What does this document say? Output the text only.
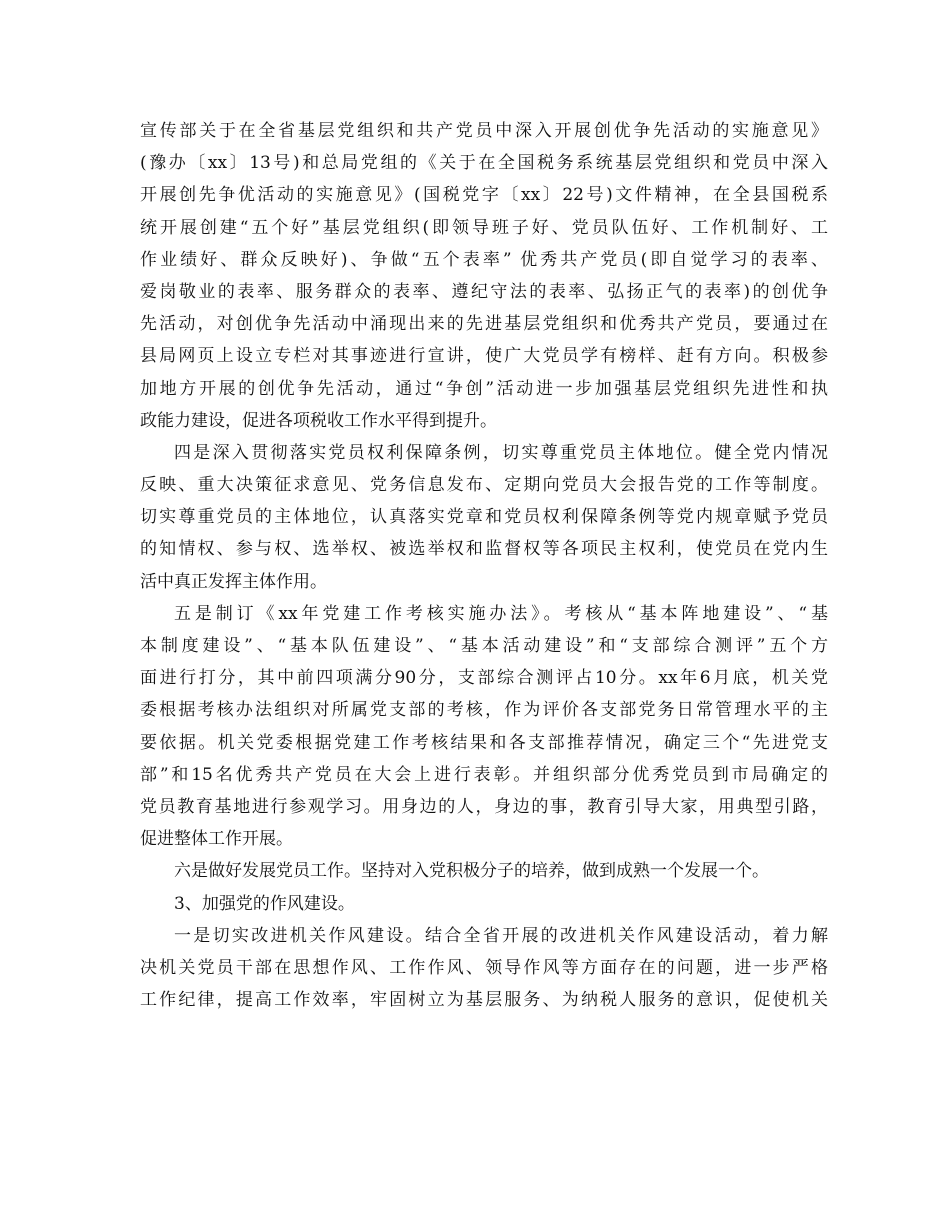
宣传部关于在全省基层党组织和共产党员中深入开展创优争先活动的实施意见》
(豫办〔xx〕13号)和总局党组的《关于在全国税务系统基层党组织和党员中深入
开展创先争优活动的实施意见》(国税党字〔xx〕22号)文件精神，在全县国税系
统开展创建“五个好”基层党组织(即领导班子好、党员队伍好、工作机制好、工
作业绩好、群众反映好)、争做“五个表率” 优秀共产党员(即自觉学习的表率、
爱岗敬业的表率、服务群众的表率、遵纪守法的表率、弘扬正气的表率)的创优争
先活动，对创优争先活动中涌现出来的先进基层党组织和优秀共产党员，要通过在
县局网页上设立专栏对其事迹进行宣讲，使广大党员学有榜样、赶有方向。积极参
加地方开展的创优争先活动，通过“争创”活动进一步加强基层党组织先进性和执
政能力建设，促进各项税收工作水平得到提升。
四是深入贯彻落实党员权利保障条例，切实尊重党员主体地位。健全党内情况
反映、重大决策征求意见、党务信息发布、定期向党员大会报告党的工作等制度。
切实尊重党员的主体地位，认真落实党章和党员权利保障条例等党内规章赋予党员
的知情权、参与权、选举权、被选举权和监督权等各项民主权利，使党员在党内生
活中真正发挥主体作用。
五是制订《xx年党建工作考核实施办法》。考核从“基本阵地建设”、“基
本制度建设”、“基本队伍建设”、“基本活动建设”和“支部综合测评”五个方
面进行打分，其中前四项满分90分，支部综合测评占10分。xx年6月底，机关党
委根据考核办法组织对所属党支部的考核，作为评价各支部党务日常管理水平的主
要依据。机关党委根据党建工作考核结果和各支部推荐情况，确定三个“先进党支
部”和15名优秀共产党员在大会上进行表彰。并组织部分优秀党员到市局确定的
党员教育基地进行参观学习。用身边的人，身边的事，教育引导大家，用典型引路，
促进整体工作开展。
六是做好发展党员工作。坚持对入党积极分子的培养，做到成熟一个发展一个。
3、加强党的作风建设。
一是切实改进机关作风建设。结合全省开展的改进机关作风建设活动，着力解
决机关党员干部在思想作风、工作作风、领导作风等方面存在的问题，进一步严格
工作纪律，提高工作效率，牢固树立为基层服务、为纳税人服务的意识，促使机关
